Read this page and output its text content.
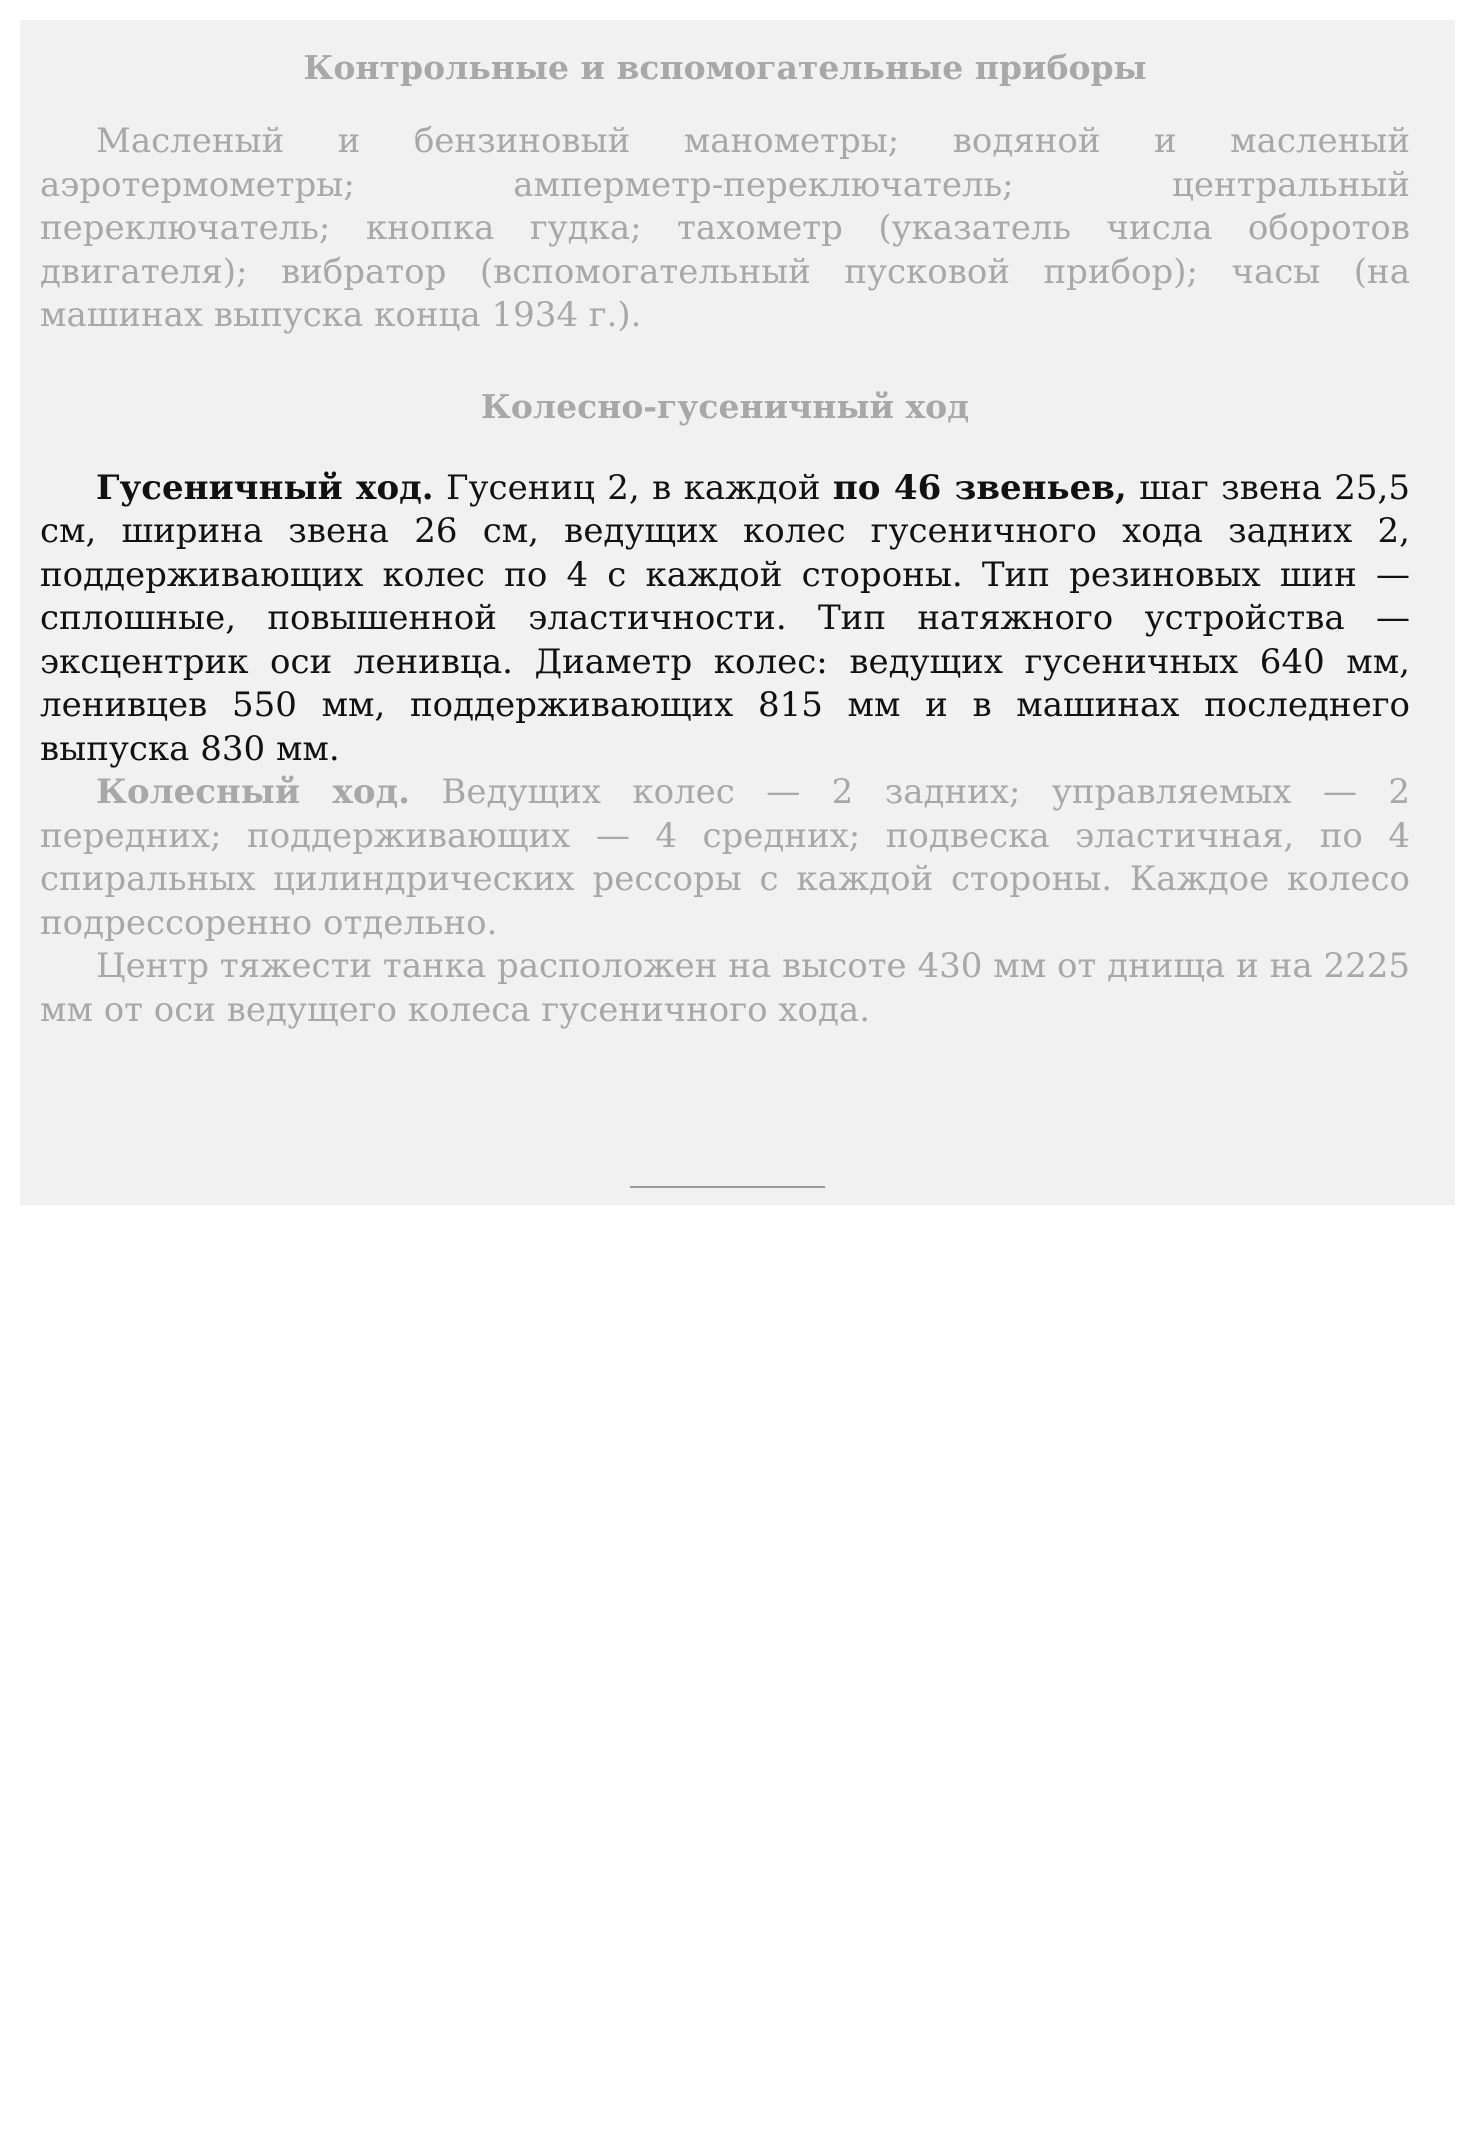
Контрольные и вспомогательные приборы

Масленый и бензиновый манометры; водяной и масленый аэротермометры; амперметр-переключатель; центральный переключатель; кнопка гудка; тахометр (указатель числа оборотов двигателя); вибратор (вспомогательный пусковой прибор); часы (на машинах выпуска конца 1934 г.).

Колесно-гусеничный ход

Гусеничный ход. Гусениц 2, в каждой по 46 звеньев, шаг звена 25,5 см, ширина звена 26 см, ведущих колес гусеничного хода задних 2, поддерживающих колес по 4 с каждой стороны. Тип резиновых шин — сплошные, повышенной эластичности. Тип натяжного устройства — эксцентрик оси ленивца. Диаметр колес: ведущих гусеничных 640 мм, ленивцев 550 мм, поддерживающих 815 мм и в машинах последнего выпуска 830 мм.

Колесный ход. Ведущих колес — 2 задних; управляемых — 2 передних; поддерживающих — 4 средних; подвеска эластичная, по 4 спиральных цилиндрических рессоры с каждой стороны. Каждое колесо подрессоренно отдельно.

Центр тяжести танка расположен на высоте 430 мм от днища и на 2225 мм от оси ведущего колеса гусеничного хода.
